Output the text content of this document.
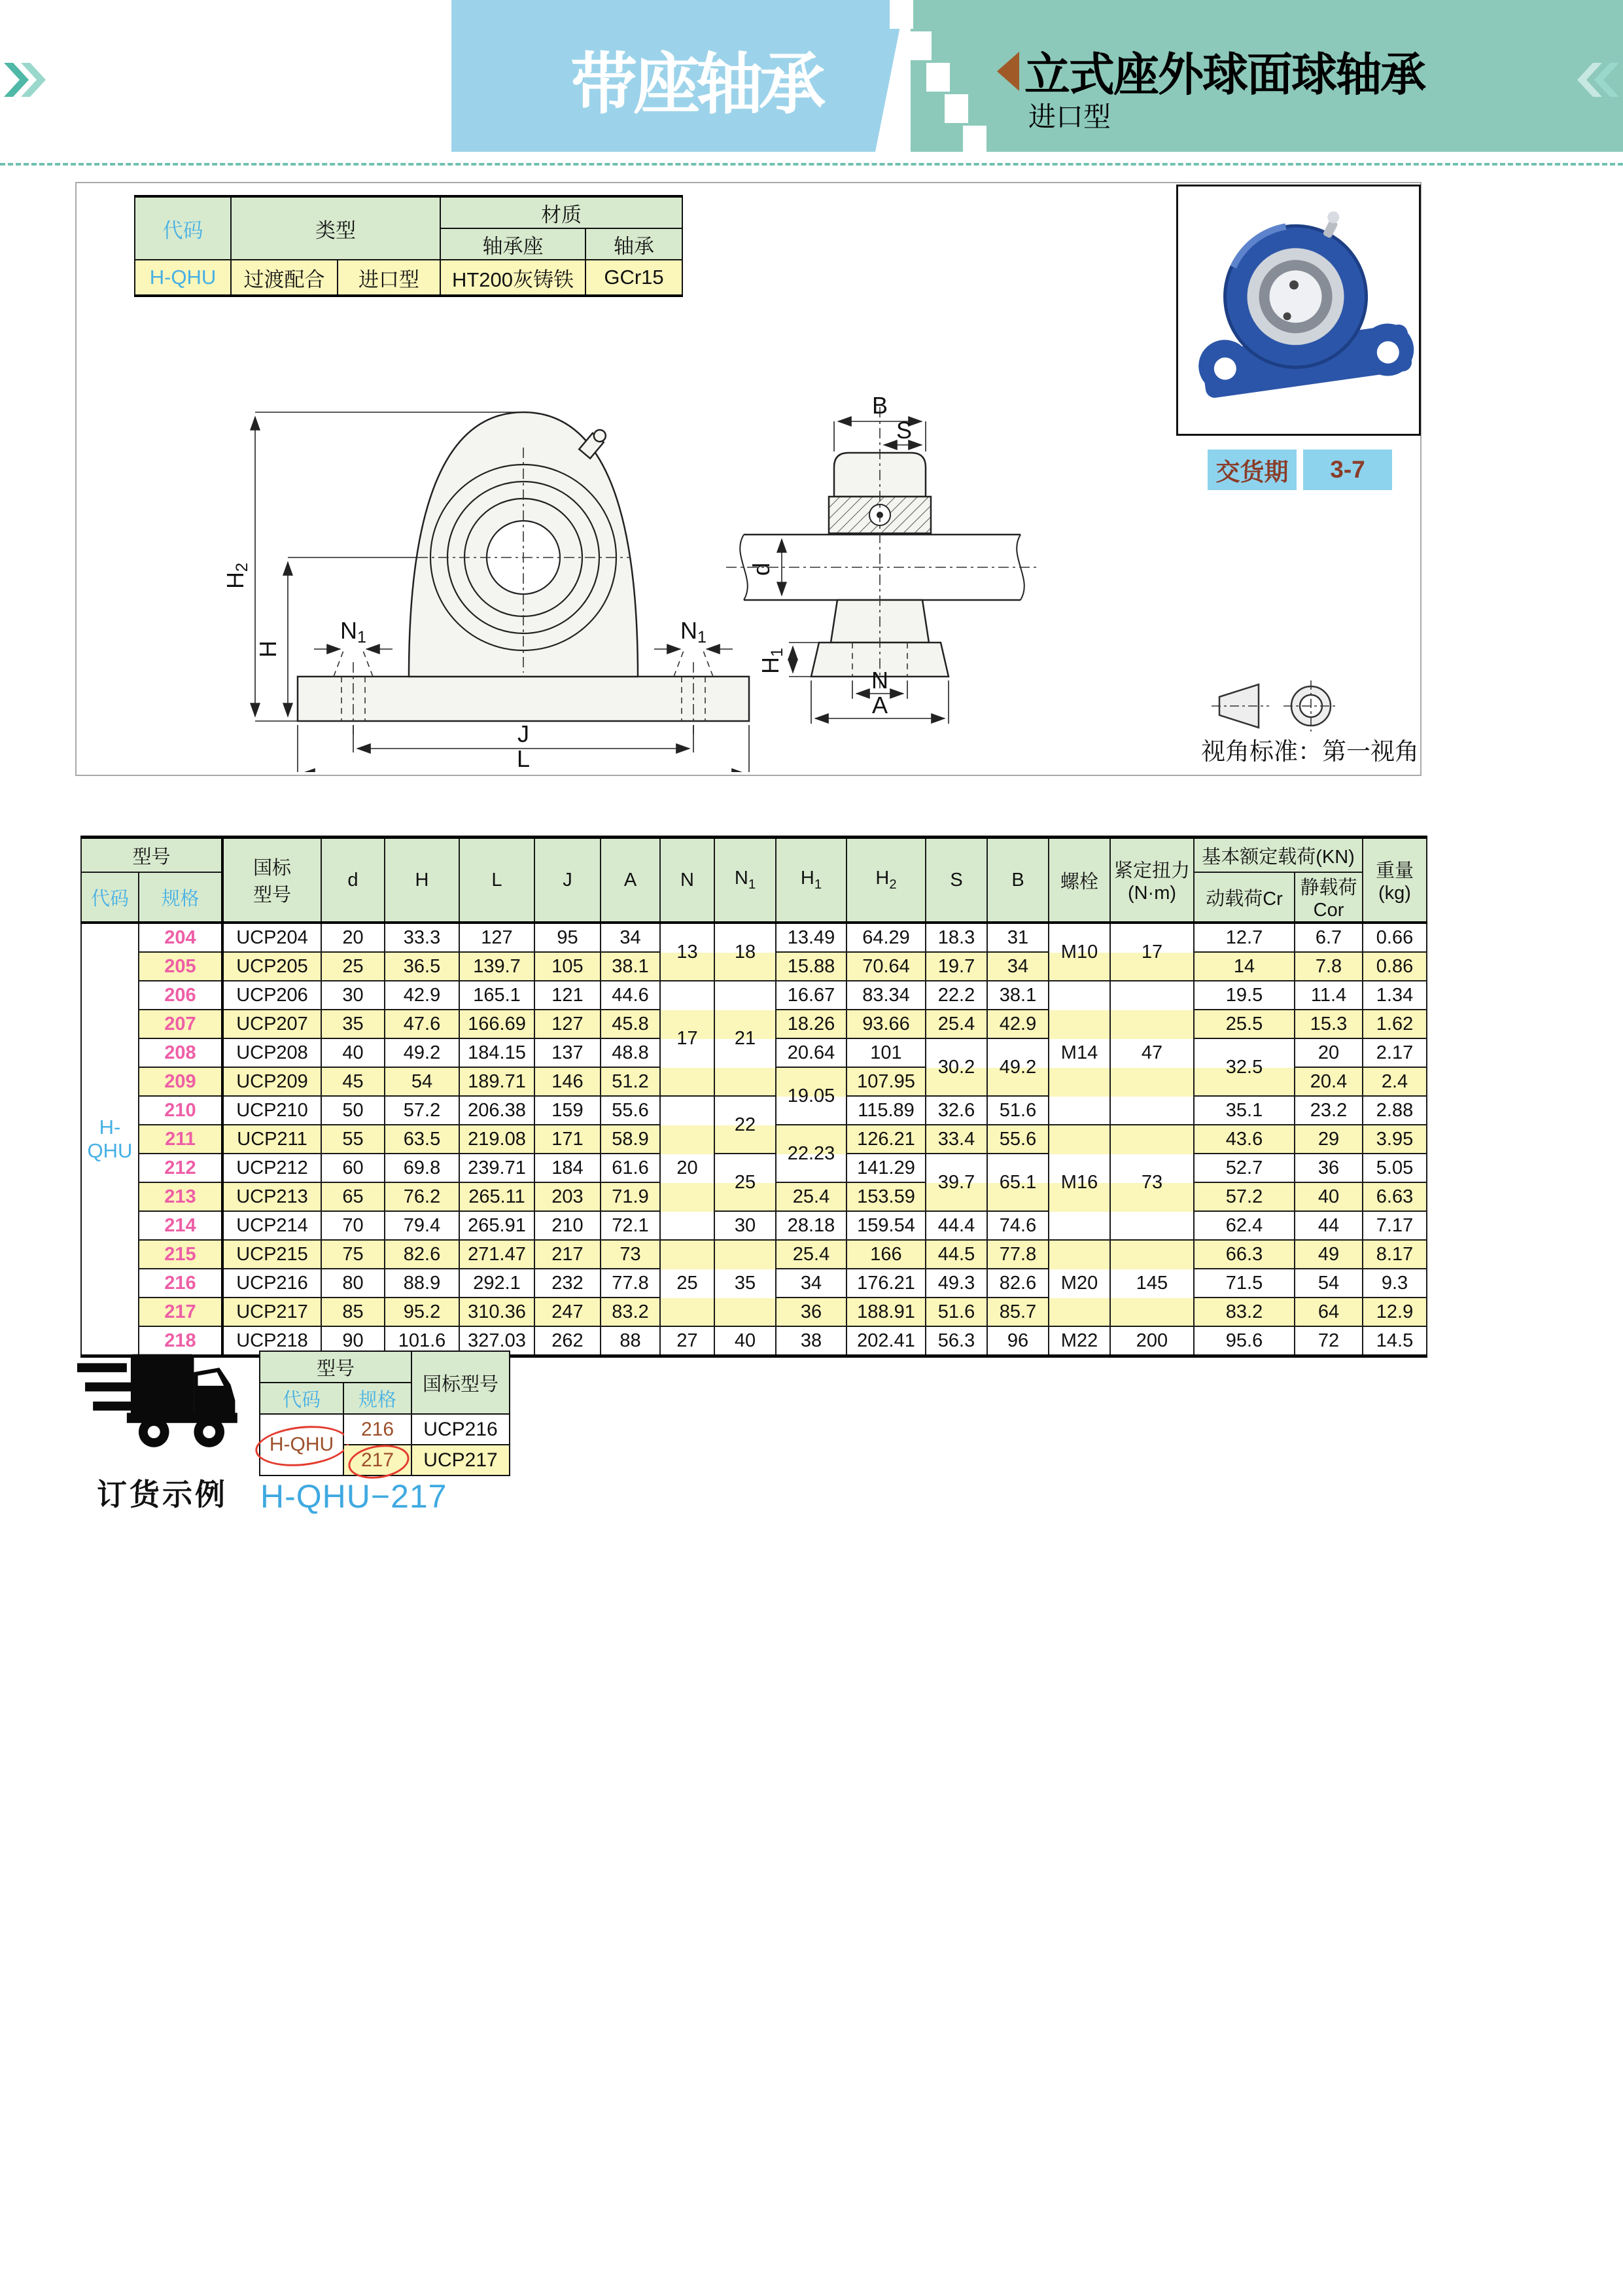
带座轴承	立式座外球面球轴承
进口型
代码	类型		材质	
			轴承座	轴承
H-QHU	过渡配合	进口型	HT200灰铸铁	GCr15
交货期	3-7
H2
H
N1	N1
J
L
B
S
d
H1
N
A
视角标准：第一视角
型号		国标
型号	d	H	L	J	A	N	$N_1$	$H_1$	$H_2$	S	B	螺栓	紧定扭力
(N·m)	基本额定载荷(KN)		重量
(kg)
代码	规格															动载荷Cr	静载荷Cor	
H-QHU	204	UCP204	20	33.3	127	95	34	13	18	13.49	64.29	18.3	31	M10	17	12.7	6.7	0.66
	205	UCP205	25	36.5	139.7	105	38.1			15.88	70.64	19.7	34			14	7.8	0.86
	206	UCP206	30	42.9	165.1	121	44.6	17	21	16.67	83.34	22.2	38.1	M14	47	19.5	11.4	1.34
	207	UCP207	35	47.6	166.69	127	45.8			18.26	93.66	25.4	42.9			25.5	15.3	1.62
	208	UCP208	40	49.2	184.15	137	48.8			20.64	101	30.2	49.2			32.5	20	2.17
	209	UCP209	45	54	189.71	146	51.2			19.05	107.95						20.4	2.4
	210	UCP210	50	57.2	206.38	159	55.6	20	22		115.89	32.6	51.6			35.1	23.2	2.88
	211	UCP211	55	63.5	219.08	171	58.9			22.23	126.21	33.4	55.6	M16	73	43.6	29	3.95
	212	UCP212	60	69.8	239.71	184	61.6		25		141.29	39.7	65.1			52.7	36	5.05
	213	UCP213	65	76.2	265.11	203	71.9			25.4	153.59					57.2	40	6.63
	214	UCP214	70	79.4	265.91	210	72.1		30	28.18	159.54	44.4	74.6			62.4	44	7.17
	215	UCP215	75	82.6	271.47	217	73	25	35	25.4	166	44.5	77.8	M20	145	66.3	49	8.17
	216	UCP216	80	88.9	292.1	232	77.8			34	176.21	49.3	82.6			71.5	54	9.3
	217	UCP217	85	95.2	310.36	247	83.2			36	188.91	51.6	85.7			83.2	64	12.9
	218	UCP218	90	101.6	327.03	262	88	27	40	38	202.41	56.3	96	M22	200	95.6	72	14.5
订货示例
型号		国标型号
代码	规格	
H-QHU	216	UCP216
	217	UCP217
H-QHU−217
